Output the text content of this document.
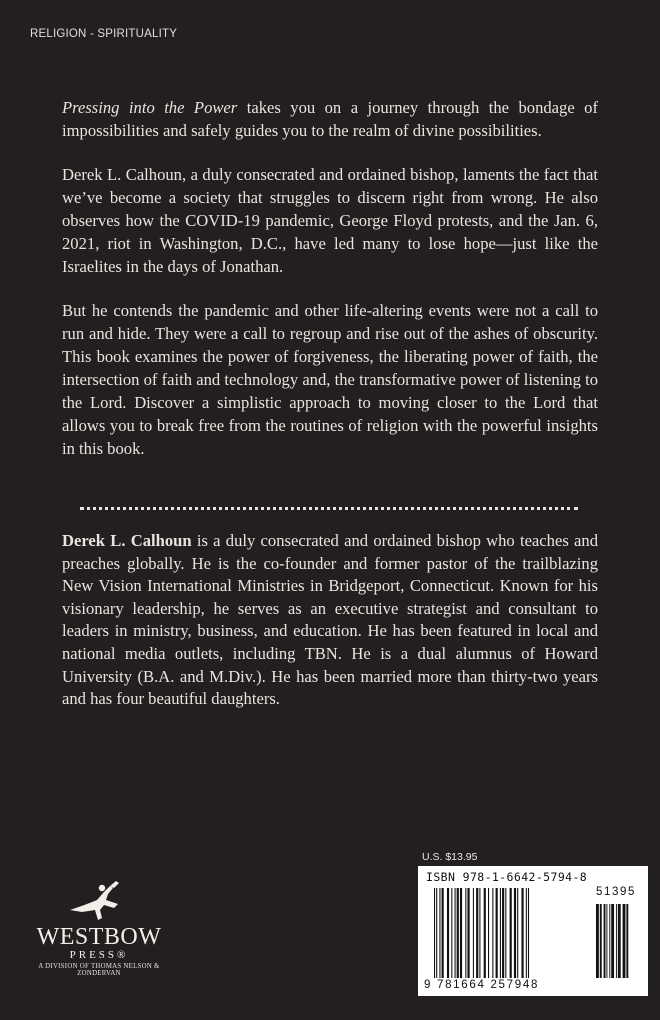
RELIGION - SPIRITUALITY

Pressing into the Power takes you on a journey through the bondage of impossibilities and safely guides you to the realm of divine possibilities.

Derek L. Calhoun, a duly consecrated and ordained bishop, laments the fact that we’ve become a society that struggles to discern right from wrong. He also observes how the COVID-19 pandemic, George Floyd protests, and the Jan. 6, 2021, riot in Washington, D.C., have led many to lose hope—just like the Israelites in the days of Jonathan.

But he contends the pandemic and other life-altering events were not a call to run and hide. They were a call to regroup and rise out of the ashes of obscurity. This book examines the power of forgiveness, the liberating power of faith, the intersection of faith and technology and, the transformative power of listening to the Lord. Discover a simplistic approach to moving closer to the Lord that allows you to break free from the routines of religion with the powerful insights in this book.

Derek L. Calhoun is a duly consecrated and ordained bishop who teaches and preaches globally. He is the co-founder and former pastor of the trailblazing New Vision International Ministries in Bridgeport, Connecticut. Known for his visionary leadership, he serves as an executive strategist and consultant to leaders in ministry, business, and education. He has been featured in local and national media outlets, including TBN. He is a dual alumnus of Howard University (B.A. and M.Div.). He has been married more than thirty-two years and has four beautiful daughters.
WESTBOW
PRESS®
A DIVISION OF THOMAS NELSON & ZONDERVAN
U.S. $13.95
ISBN 978-1-6642-5794-8
9 781664 257948
51395
